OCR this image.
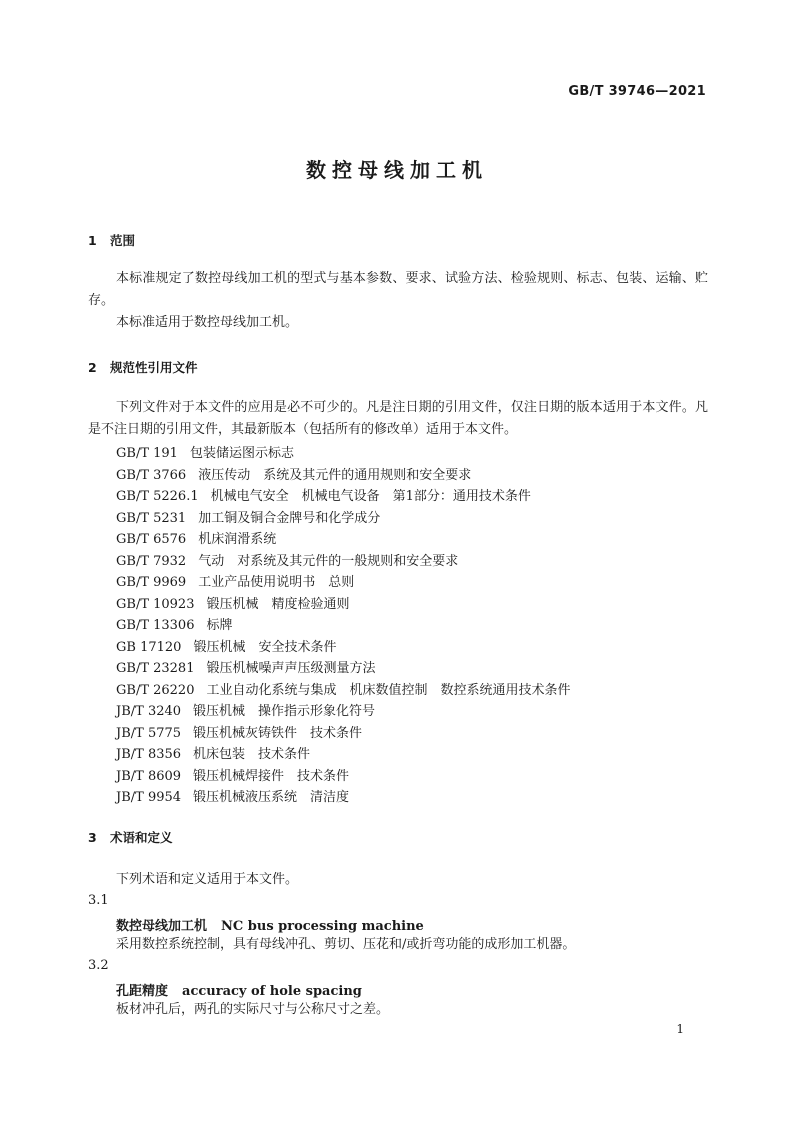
GB/T 39746—2021
数控母线加工机
1 范围
本标准规定了数控母线加工机的型式与基本参数、要求、试验方法、检验规则、标志、包装、运输、贮存。
本标准适用于数控母线加工机。
2 规范性引用文件
下列文件对于本文件的应用是必不可少的。凡是注日期的引用文件，仅注日期的版本适用于本文件。凡是不注日期的引用文件，其最新版本（包括所有的修改单）适用于本文件。
GB/T 191 包装储运图示标志
GB/T 3766 液压传动　系统及其元件的通用规则和安全要求
GB/T 5226.1 机械电气安全　机械电气设备　第1部分：通用技术条件
GB/T 5231 加工铜及铜合金牌号和化学成分
GB/T 6576 机床润滑系统
GB/T 7932 气动　对系统及其元件的一般规则和安全要求
GB/T 9969 工业产品使用说明书　总则
GB/T 10923 锻压机械　精度检验通则
GB/T 13306 标牌
GB 17120 锻压机械　安全技术条件
GB/T 23281 锻压机械噪声声压级测量方法
GB/T 26220 工业自动化系统与集成　机床数值控制　数控系统通用技术条件
JB/T 3240 锻压机械　操作指示形象化符号
JB/T 5775 锻压机械灰铸铁件　技术条件
JB/T 8356 机床包装　技术条件
JB/T 8609 锻压机械焊接件　技术条件
JB/T 9954 锻压机械液压系统　清洁度
3 术语和定义
下列术语和定义适用于本文件。
3.1
数控母线加工机 NC bus processing machine
采用数控系统控制，具有母线冲孔、剪切、压花和/或折弯功能的成形加工机器。
3.2
孔距精度 accuracy of hole spacing
板材冲孔后，两孔的实际尺寸与公称尺寸之差。
1
